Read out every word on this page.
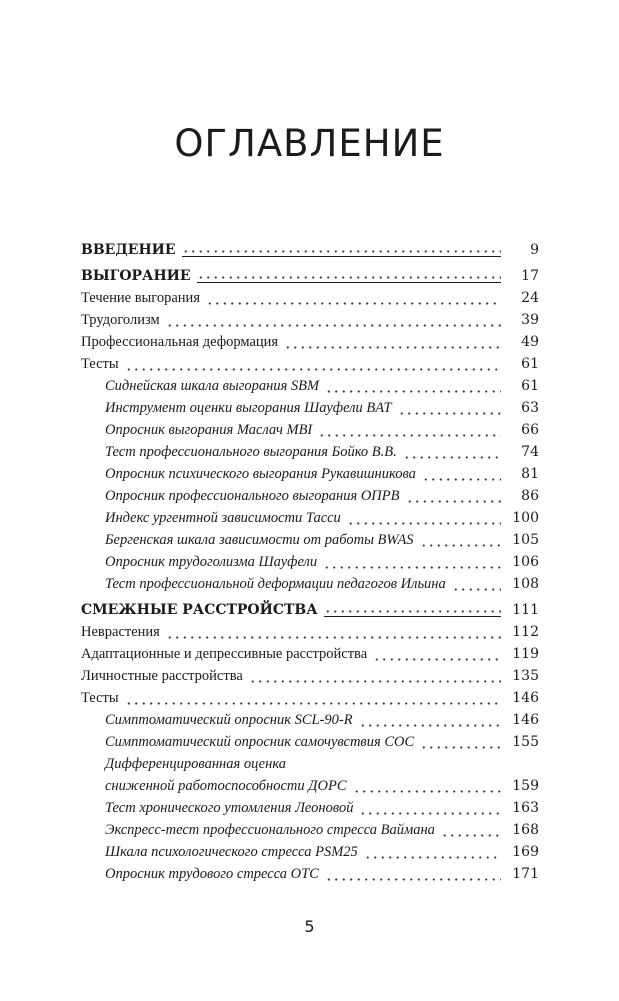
ОГЛАВЛЕНИЕ
ВВЕДЕНИЕ	9
ВЫГОРАНИЕ	17
Течение выгорания	24
Трудоголизм	39
Профессиональная деформация	49
Тесты	61
Сиднейская шкала выгорания SBM	61
Инструмент оценки выгорания Шауфели BAT	63
Опросник выгорания Маслач MBI	66
Тест профессионального выгорания Бойко В.В.	74
Опросник психического выгорания Рукавишникова	81
Опросник профессионального выгорания ОПРВ	86
Индекс ургентной зависимости Тасси	100
Бергенская шкала зависимости от работы BWAS	105
Опросник трудоголизма Шауфели	106
Тест профессиональной деформации педагогов Ильина	108
СМЕЖНЫЕ РАССТРОЙСТВА	111
Неврастения	112
Адаптационные и депрессивные расстройства	119
Личностные расстройства	135
Тесты	146
Симптоматический опросник SCL-90-R	146
Симптоматический опросник самочувствия СОС	155
Дифференцированная оценка
сниженной работоспособности ДОРС	159
Тест хронического утомления Леоновой	163
Экспресс-тест профессионального стресса Ваймана	168
Шкала психологического стресса PSM25	169
Опросник трудового стресса ОТС	171
5
